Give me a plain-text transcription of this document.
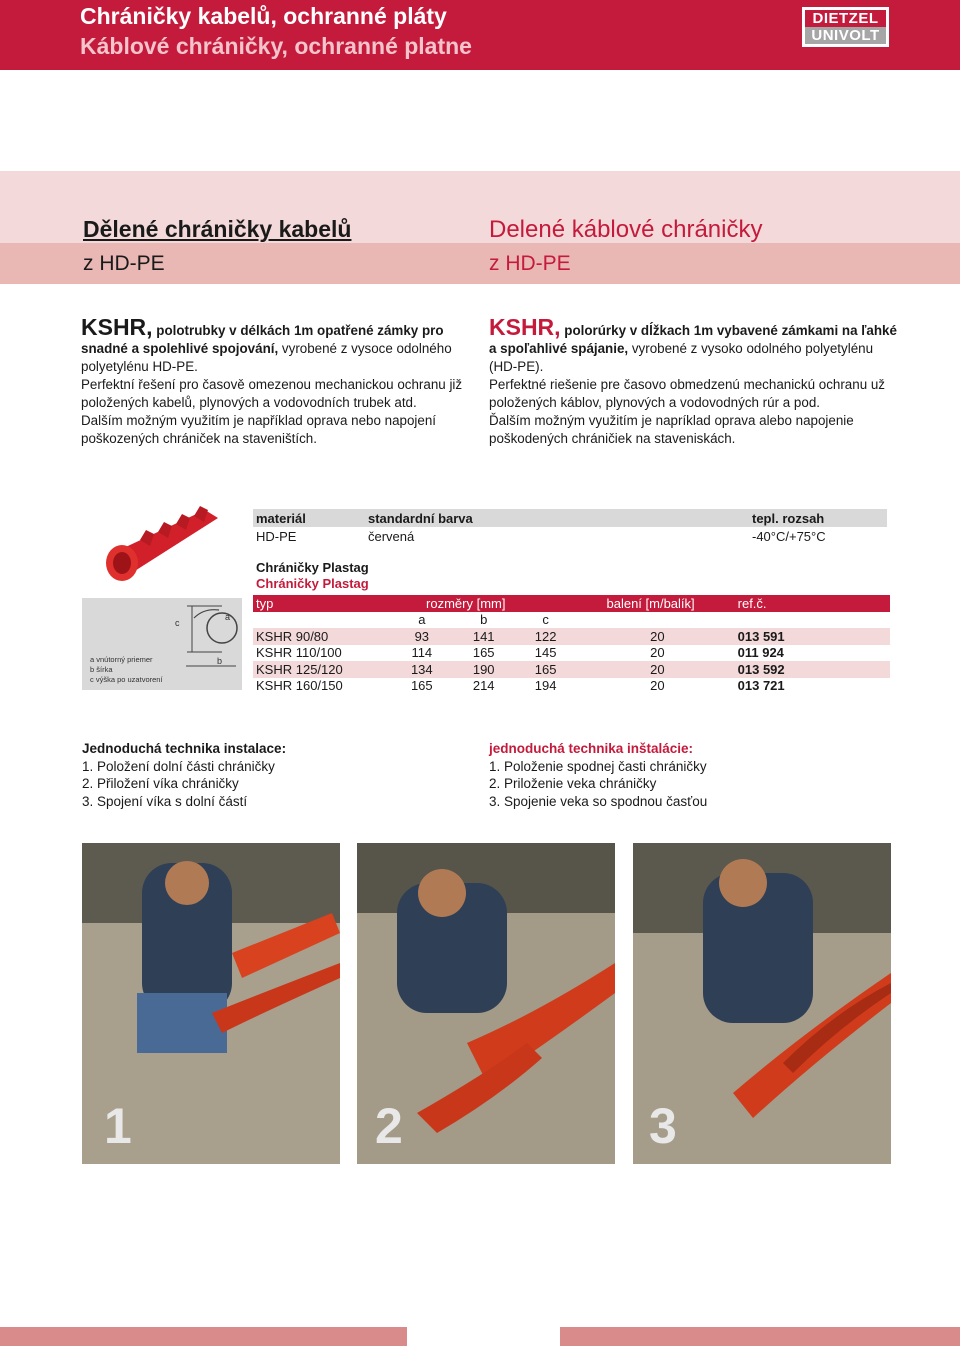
Chráničky kabelů, ochranné pláty
Káblové chráničky, ochranné platne
DIETZEL
UNIVOLT
Dělené chráničky kabelů
z HD-PE
Delené káblové chráničky
z HD-PE
KSHR, polotrubky v délkách 1m opatřené zámky pro snadné a spolehlivé spojování, vyrobené z vysoce odolného polyetylénu HD-PE.
Perfektní řešení pro časově omezenou mechanickou ochranu již položených kabelů, plynových a vodovodních trubek atd.
Dalším možným využitím je například oprava nebo napojení poškozených chrániček na staveništích.
KSHR, polorúrky v dĺžkach 1m vybavené zámkami na ľahké a spoľahlivé spájanie, vyrobené z vysoko odolného polyetylénu (HD-PE).
Perfektné riešenie pre časovo obmedzenú mechanickú ochranu už položených káblov, plynových a vodovodných rúr a pod.
Ďalším možným využitím je napríklad oprava alebo napojenie poškodených chráničiek na staveniskách.
c
a
b
a vnútorný priemer
b šírka
c výška po uzatvorení
materiál	standardní barva	tepl. rozsah
HD-PE	červená	-40°C/+75°C
Chráničky Plastag
Chráničky Plastag
typ	rozměry [mm]			balení [m/balík]	ref.č.
	a	b	c		
KSHR 90/80	93	141	122	20	013 591
KSHR 110/100	114	165	145	20	011 924
KSHR 125/120	134	190	165	20	013 592
KSHR 160/150	165	214	194	20	013 721
Jednoduchá technika instalace:
1. Položení dolní části chráničky
2. Přiložení víka chráničky
3. Spojení víka s dolní částí
jednoduchá technika inštalácie:
1. Položenie spodnej časti chráničky
2. Priloženie veka chráničky
3. Spojenie veka so spodnou časťou
1	2	3
